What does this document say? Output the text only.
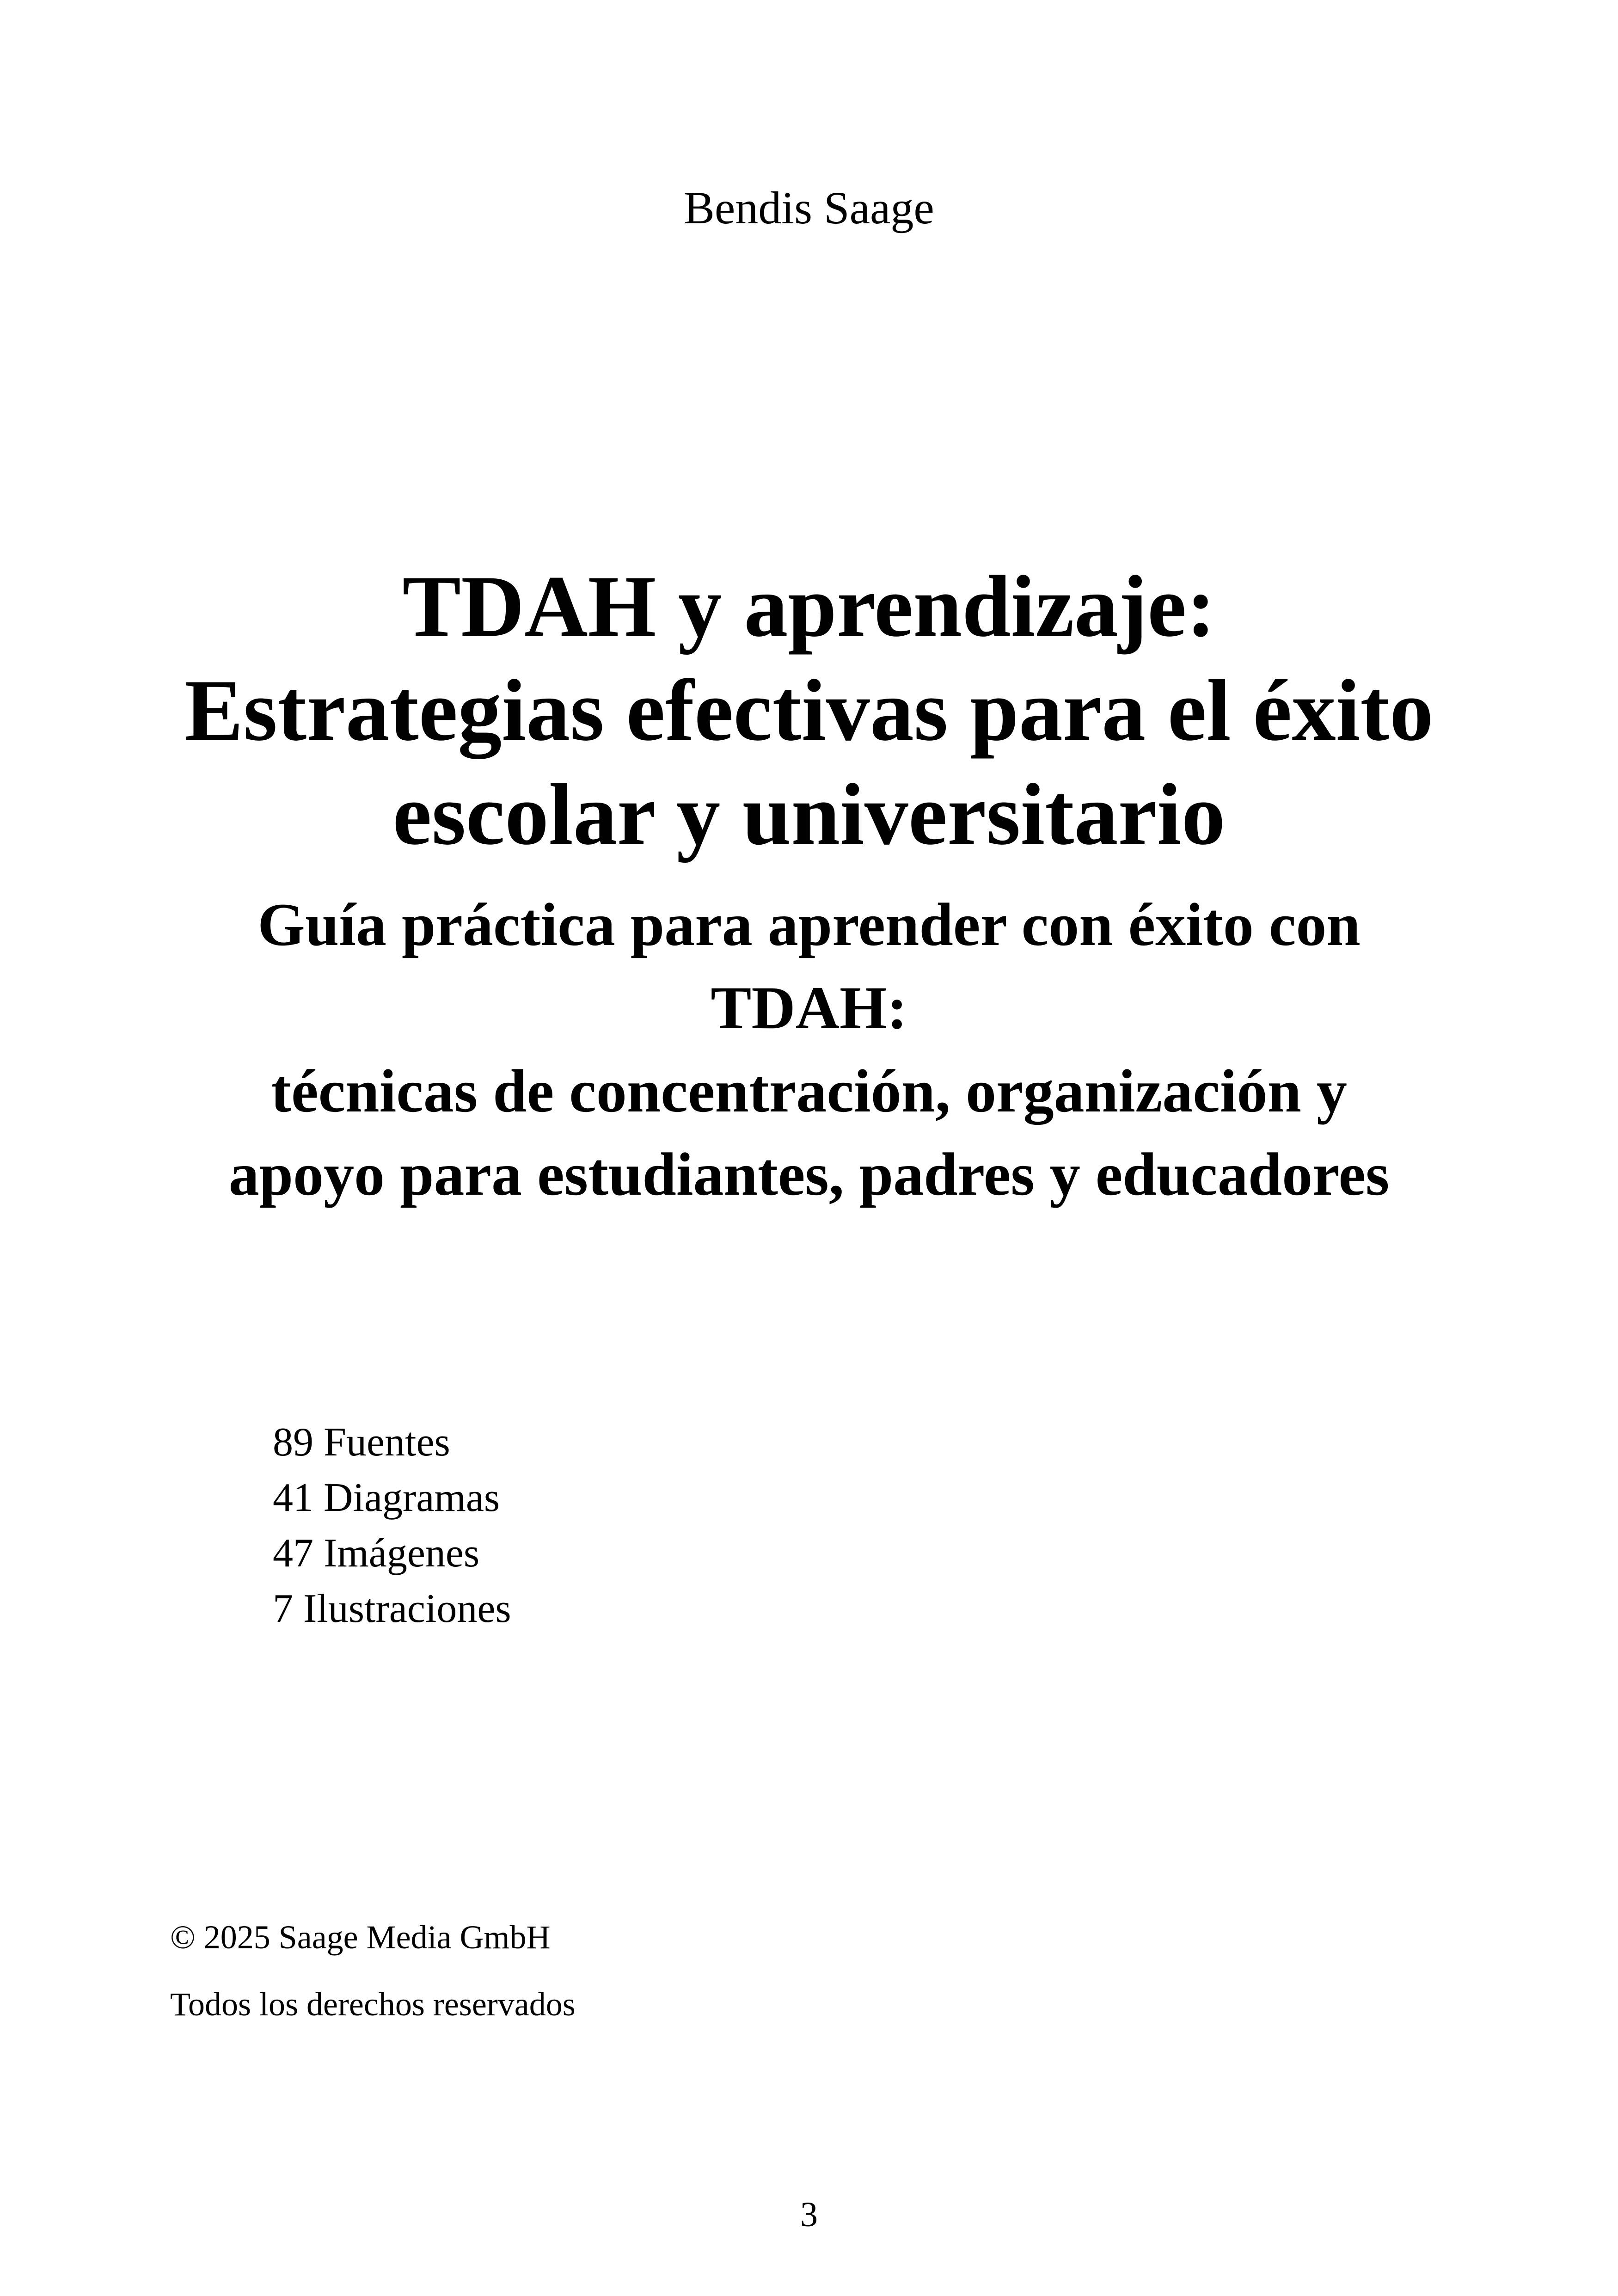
Bendis Saage
TDAH y aprendizaje:
Estrategias efectivas para el éxito
escolar y universitario
Guía práctica para aprender con éxito con
TDAH:
técnicas de concentración, organización y
apoyo para estudiantes, padres y educadores
89 Fuentes
41 Diagramas
47 Imágenes
7 Ilustraciones
© 2025 Saage Media GmbH
Todos los derechos reservados
3
